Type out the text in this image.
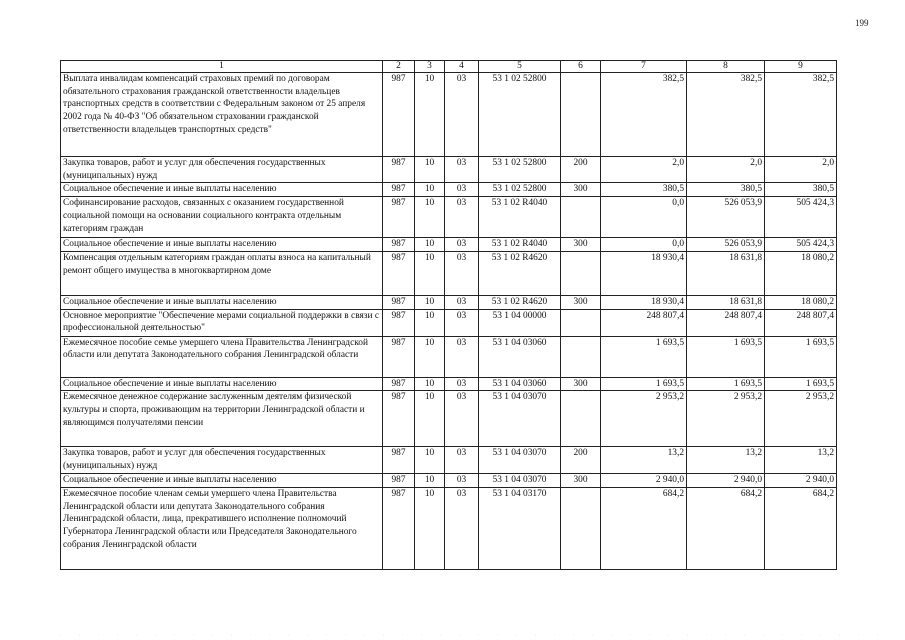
199
1	2	3	4	5	6	7	8	9
Выплата инвалидам компенсаций страховых премий по договорам обязательного страхования гражданской ответственности владельцев транспортных средств в соответствии с Федеральным законом от 25 апреля 2002 года № 40-ФЗ "Об обязательном страховании гражданской ответственности владельцев транспортных средств"	987	10	03	53 1 02 52800		382,5	382,5	382,5
Закупка товаров, работ и услуг для обеспечения государственных (муниципальных) нужд	987	10	03	53 1 02 52800	200	2,0	2,0	2,0
Социальное обеспечение и иные выплаты населению	987	10	03	53 1 02 52800	300	380,5	380,5	380,5
Софинансирование расходов, связанных с оказанием государственной социальной помощи на основании социального контракта отдельным категориям граждан	987	10	03	53 1 02 R4040		0,0	526 053,9	505 424,3
Социальное обеспечение и иные выплаты населению	987	10	03	53 1 02 R4040	300	0,0	526 053,9	505 424,3
Компенсация отдельным категориям граждан оплаты взноса на капитальный ремонт общего имущества в многоквартирном доме	987	10	03	53 1 02 R4620		18 930,4	18 631,8	18 080,2
Социальное обеспечение и иные выплаты населению	987	10	03	53 1 02 R4620	300	18 930,4	18 631,8	18 080,2
Основное мероприятие "Обеспечение мерами социальной поддержки в связи с профессиональной деятельностью"	987	10	03	53 1 04 00000		248 807,4	248 807,4	248 807,4
Ежемесячное пособие семье умершего члена Правительства Ленинградской области или депутата Законодательного собрания Ленинградской области	987	10	03	53 1 04 03060		1 693,5	1 693,5	1 693,5
Социальное обеспечение и иные выплаты населению	987	10	03	53 1 04 03060	300	1 693,5	1 693,5	1 693,5
Ежемесячное денежное содержание заслуженным деятелям физической культуры и спорта, проживающим на территории Ленинградской области и являющимся получателями пенсии	987	10	03	53 1 04 03070		2 953,2	2 953,2	2 953,2
Закупка товаров, работ и услуг для обеспечения государственных (муниципальных) нужд	987	10	03	53 1 04 03070	200	13,2	13,2	13,2
Социальное обеспечение и иные выплаты населению	987	10	03	53 1 04 03070	300	2 940,0	2 940,0	2 940,0
Ежемесячное пособие членам семьи умершего члена Правительства Ленинградской области или депутата Законодательного собрания Ленинградской области, лица, прекратившего исполнение полномочий Губернатора Ленинградской области или Председателя Законодательного собрания Ленинградской области	987	10	03	53 1 04 03170		684,2	684,2	684,2
